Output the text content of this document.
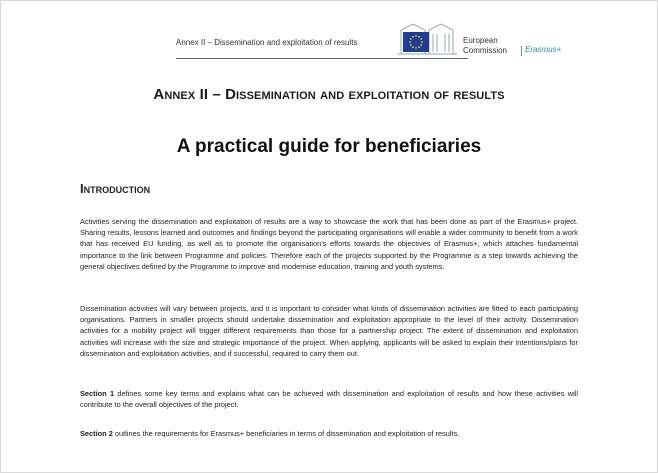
Annex II – Dissemination and exploitation of results	European
Commission Erasmus+
Annex II – Dissemination and exploitation of results
A practical guide for beneficiaries
Introduction
Activities serving the dissemination and exploitation of results are a way to showcase the work that has been done as part of the Erasmus+ project. Sharing results, lessons learned and outcomes and findings beyond the participating organisations will enable a wider community to benefit from a work that has received EU funding, as well as to promote the organisation's efforts towards the objectives of Erasmus+, which attaches fundamental importance to the link between Programme and policies. Therefore each of the projects supported by the Programme is a step towards achieving the general objectives defined by the Programme to improve and modernise education, training and youth systems.
Dissemination activities will vary between projects, and it is important to consider what kinds of dissemination activities are fitted to each participating organisations. Partners in smaller projects should undertake dissemination and exploitation appropriate to the level of their activity. Dissemination activities for a mobility project will trigger different requirements than those for a partnership project. The extent of dissemination and exploitation activities will increase with the size and strategic importance of the project. When applying, applicants will be asked to explain their intentions/plans for dissemination and exploitation activities, and if successful, required to carry them out.
Section 1 defines some key terms and explains what can be achieved with dissemination and exploitation of results and how these activities will contribute to the overall objectives of the project.
Section 2 outlines the requirements for Erasmus+ beneficiaries in terms of dissemination and exploitation of results.
